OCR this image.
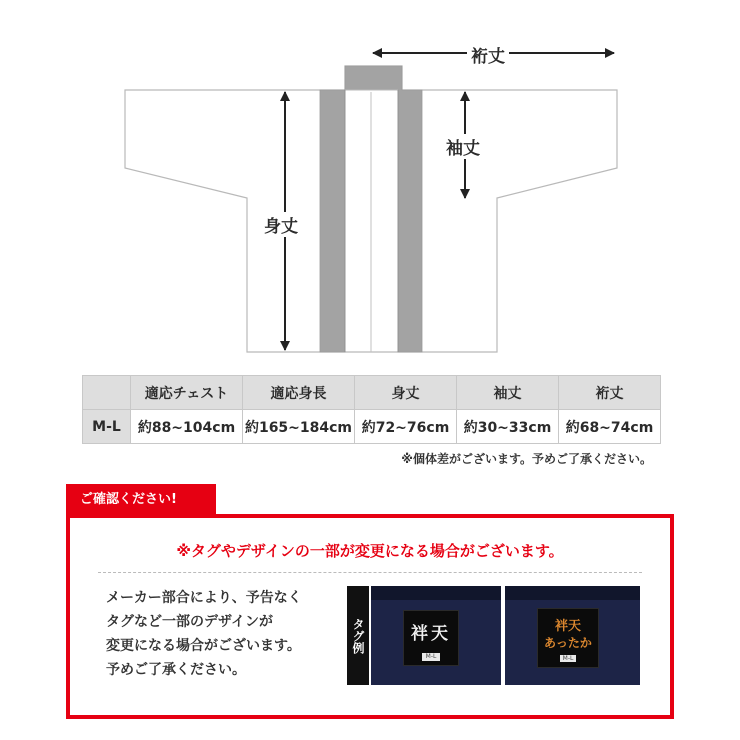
裄丈
袖丈
身丈
	適応チェスト	適応身長	身丈	袖丈	裄丈
M-L	約88~104cm	約165~184cm	約72~76cm	約30~33cm	約68~74cm
※個体差がございます。予めご了承ください。
ご確認ください!
※タグやデザインの一部が変更になる場合がございます。
メーカー部合により、予告なく
タグなど一部のデザインが
変更になる場合がございます。
予めご了承ください。
タグ例	袢天
M-L
袢天
あったか
M-L
